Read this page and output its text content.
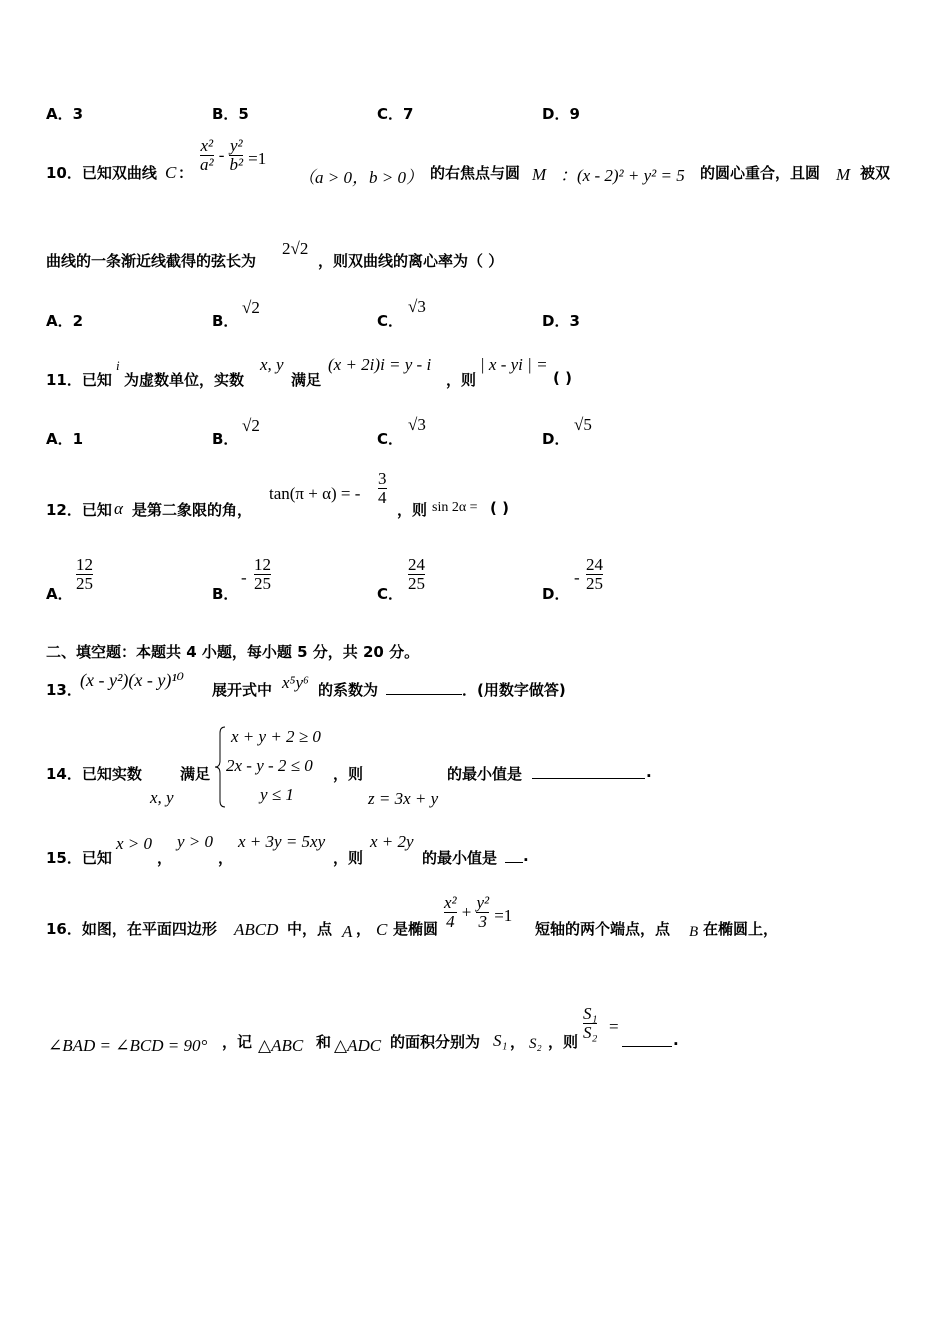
A．3	B．5	C．7	D．9
10．已知双曲线 C ： $\frac{\text{x²}}{\text{a²}} - \frac{\text{y²}}{\text{b²}} =1$
（a > 0，b > 0） 的右焦点与圆 M ：(x - 2)² + y² = 5 的圆心重合，且圆 M 被双
曲线的一条渐近线截得的弦长为
2√2
，则双曲线的离心率为（ ）
A．2	B．
√2
C．
√3
D．3
11．已知
i
为虚数单位，实数
x, y
满足
(x + 2i)i = y - i
，则
| x - yi | =
( )
A．1	B．
√2
C．
√3
D．
√5
12．已知 α 是第二象限的角，
tan(π + α) = - $\frac{3}{4}$
，则 sin 2α = ( )
A．
$\frac{12}{25}$
B．
- $\frac{12}{25}$
C．
$\frac{24}{25}$
D．
- $\frac{24}{25}$
二、填空题：本题共 4 小题，每小题 5 分，共 20 分。
13．
(x - y²)(x - y)¹⁰ 展开式中 x⁵y⁶ 的系数为	．(用数字做答)
14．已知实数
x, y
满足
x + y + 2 ≥ 0
2x - y - 2 ≤ 0
y ≤ 1
，则
z = 3x + y
的最小值是	.
15．已知
x > 0
，
y > 0
，
x + 3y = 5xy
，则
x + 2y
的最小值是 .
16．如图，在平面四边形 ABCD 中，点 A ， C 是椭圆 $\frac{\text{x²}}{4} + \frac{\text{y²}}{3} =1$
短轴的两个端点，点 B 在椭圆上，
∠BAD = ∠BCD = 90° ，记 △ABC 和 △ADC 的面积分别为 S₁ ， S₂ ，则
$\frac{\text{S₁}}{\text{S₂}}$ =
.
